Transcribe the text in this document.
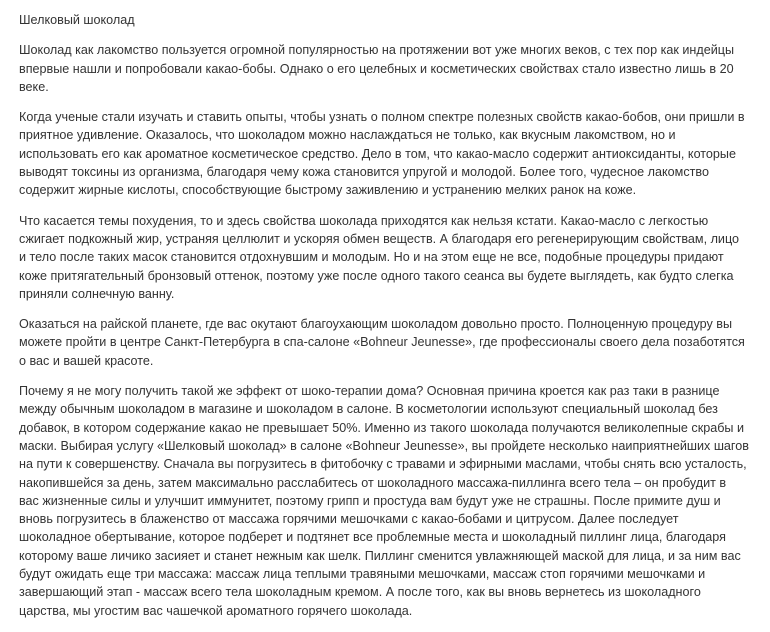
Шелковый шоколад

Шоколад как лакомство пользуется огромной популярностью на протяжении вот уже многих веков, с тех пор как индейцы впервые нашли и попробовали какао-бобы. Однако о его целебных и косметических свойствах стало известно лишь в 20 веке.

Когда ученые стали изучать и ставить опыты, чтобы узнать о полном спектре полезных свойств какао-бобов, они пришли в приятное удивление. Оказалось, что шоколадом можно наслаждаться не только, как вкусным лакомством, но и использовать его как ароматное косметическое средство. Дело в том, что какао-масло содержит антиоксиданты, которые выводят токсины из организма, благодаря чему кожа становится упругой и молодой. Более того, чудесное лакомство содержит жирные кислоты, способствующие быстрому заживлению и устранению мелких ранок на коже.

Что касается темы похудения, то и здесь свойства шоколада приходятся как нельзя кстати. Какао-масло с легкостью сжигает подкожный жир, устраняя целлюлит и ускоряя обмен веществ. А благодаря его регенерирующим свойствам, лицо и тело после таких масок становится отдохнувшим и молодым. Но и на этом еще не все, подобные процедуры придают коже притягательный бронзовый оттенок, поэтому уже после одного такого сеанса вы будете выглядеть, как будто слегка приняли солнечную ванну.

Оказаться на райской планете, где вас окутают благоухающим шоколадом довольно просто. Полноценную процедуру вы можете пройти в центре Санкт-Петербурга в спа-салоне «Bohneur Jeunesse», где профессионалы своего дела позаботятся о вас и вашей красоте.

Почему я не могу получить такой же эффект от шоко-терапии дома? Основная причина кроется как раз таки в разнице между обычным шоколадом в магазине и шоколадом в салоне. В косметологии используют специальный шоколад без добавок, в котором содержание какао не превышает 50%. Именно из такого шоколада получаются великолепные скрабы и маски. Выбирая услугу «Шелковый шоколад» в салоне «Bohneur Jeunesse», вы пройдете несколько наиприятнейших шагов на пути к совершенству. Сначала вы погрузитесь в фитобочку с травами и эфирными маслами, чтобы снять всю усталость, накопившейся за день, затем максимально расслабитесь от шоколадного массажа-пиллинга всего тела – он пробудит в вас жизненные силы и улучшит иммунитет, поэтому грипп и простуда вам будут уже не страшны. После примите душ и вновь погрузитесь в блаженство от массажа горячими мешочками с какао-бобами и цитрусом. Далее последует шоколадное обертывание, которое подберет и подтянет все проблемные места и шоколадный пиллинг лица, благодаря которому ваше личико засияет и станет нежным как шелк. Пиллинг сменится увлажняющей маской для лица, и за ним вас будут ожидать еще три массажа: массаж лица теплыми травяными мешочками, массаж стоп горячими мешочками и завершающий этап - массаж всего тела шоколадным кремом. А после того, как вы вновь вернетесь из шоколадного царства, мы угостим вас чашечкой ароматного горячего шоколада.
